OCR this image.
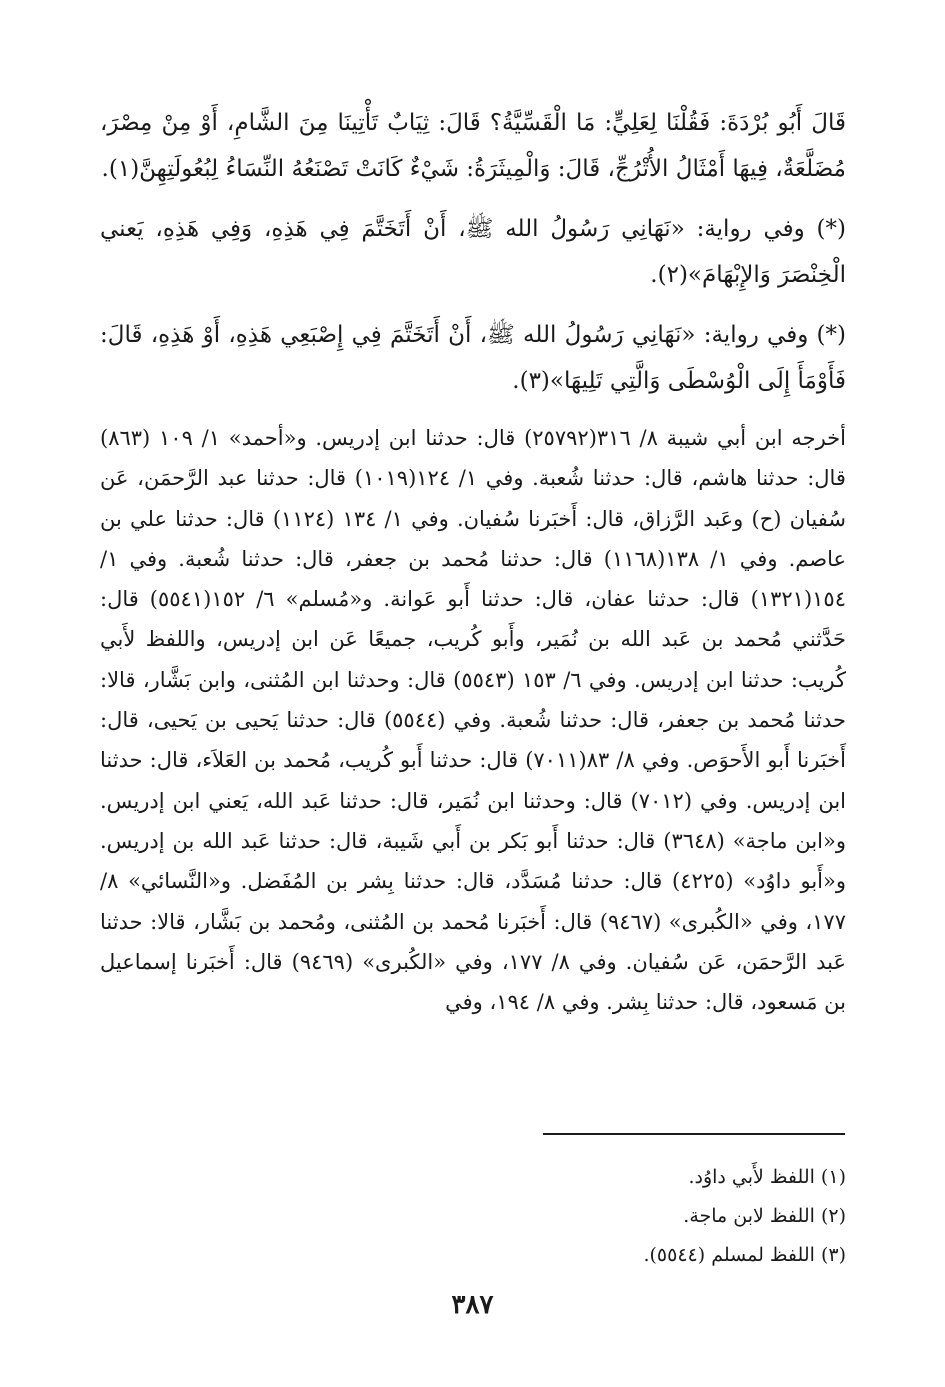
قَالَ أَبُو بُرْدَةَ: فَقُلْنَا لِعَلِيٍّ: مَا الْقَسِّيَّةُ؟ قَالَ: ثِيَابٌ تَأْتِينَا مِنَ الشَّامِ، أَوْ مِنْ مِصْرَ، مُضَلَّعَةٌ، فِيهَا أَمْثَالُ الأُتْرُجِّ، قَالَ: وَالْمِيثَرَةُ: شَيْءٌ كَانَتْ تَصْنَعُهُ النِّسَاءُ لِبُعُولَتِهِنَّ(١).

(*) وفي رواية: «نَهَانِي رَسُولُ الله ﷺ، أَنْ أَتَخَتَّمَ فِي هَذِهِ، وَفِي هَذِهِ، يَعني الْخِنْصَرَ وَالإِبْهَامَ»(٢).

(*) وفي رواية: «نَهَانِي رَسُولُ الله ﷺ، أَنْ أَتَخَتَّمَ فِي إِصْبَعِي هَذِهِ، أَوْ هَذِهِ، قَالَ: فَأَوْمَأَ إِلَى الْوُسْطَى وَالَّتِي تَلِيهَا»(٣).

أخرجه ابن أبي شيبة ٨/ ٣١٦(٢٥٧٩٢) قال: حدثنا ابن إدريس. و«أحمد» ١/ ١٠٩ (٨٦٣) قال: حدثنا هاشم، قال: حدثنا شُعبة. وفي ١/ ١٢٤(١٠١٩) قال: حدثنا عبد الرَّحمَن، عَن سُفيان (ح) وعَبد الرَّزاق، قال: أَخبَرنا سُفيان. وفي ١/ ١٣٤ (١١٢٤) قال: حدثنا علي بن عاصم. وفي ١/ ١٣٨(١١٦٨) قال: حدثنا مُحمد بن جعفر، قال: حدثنا شُعبة. وفي ١/ ١٥٤(١٣٢١) قال: حدثنا عفان، قال: حدثنا أَبو عَوانة. و«مُسلم» ٦/ ١٥٢(٥٥٤١) قال: حَدَّثني مُحمد بن عَبد الله بن نُمَير، وأَبو كُريب، جميعًا عَن ابن إدريس، واللفظ لأَبي كُريب: حدثنا ابن إدريس. وفي ٦/ ١٥٣ (٥٥٤٣) قال: وحدثنا ابن المُثنى، وابن بَشَّار، قالا: حدثنا مُحمد بن جعفر، قال: حدثنا شُعبة. وفي (٥٥٤٤) قال: حدثنا يَحيى بن يَحيى، قال: أَخبَرنا أَبو الأَحوَص. وفي ٨/ ٨٣(٧٠١١) قال: حدثنا أَبو كُريب، مُحمد بن العَلاَء، قال: حدثنا ابن إدريس. وفي (٧٠١٢) قال: وحدثنا ابن نُمَير، قال: حدثنا عَبد الله، يَعني ابن إدريس. و«ابن ماجة» (٣٦٤٨) قال: حدثنا أَبو بَكر بن أَبي شَيبة، قال: حدثنا عَبد الله بن إدريس. و«أَبو داوُد» (٤٢٢٥) قال: حدثنا مُسَدَّد، قال: حدثنا بِشر بن المُفَضل. و«النَّسائي» ٨/ ١٧٧، وفي «الكُبرى» (٩٤٦٧) قال: أَخبَرنا مُحمد بن المُثنى، ومُحمد بن بَشَّار، قالا: حدثنا عَبد الرَّحمَن، عَن سُفيان. وفي ٨/ ١٧٧، وفي «الكُبرى» (٩٤٦٩) قال: أَخبَرنا إسماعيل بن مَسعود، قال: حدثنا بِشر. وفي ٨/ ١٩٤، وفي

(١) اللفظ لأَبي داوُد.

(٢) اللفظ لابن ماجة.

(٣) اللفظ لمسلم (٥٥٤٤).

٣٨٧
